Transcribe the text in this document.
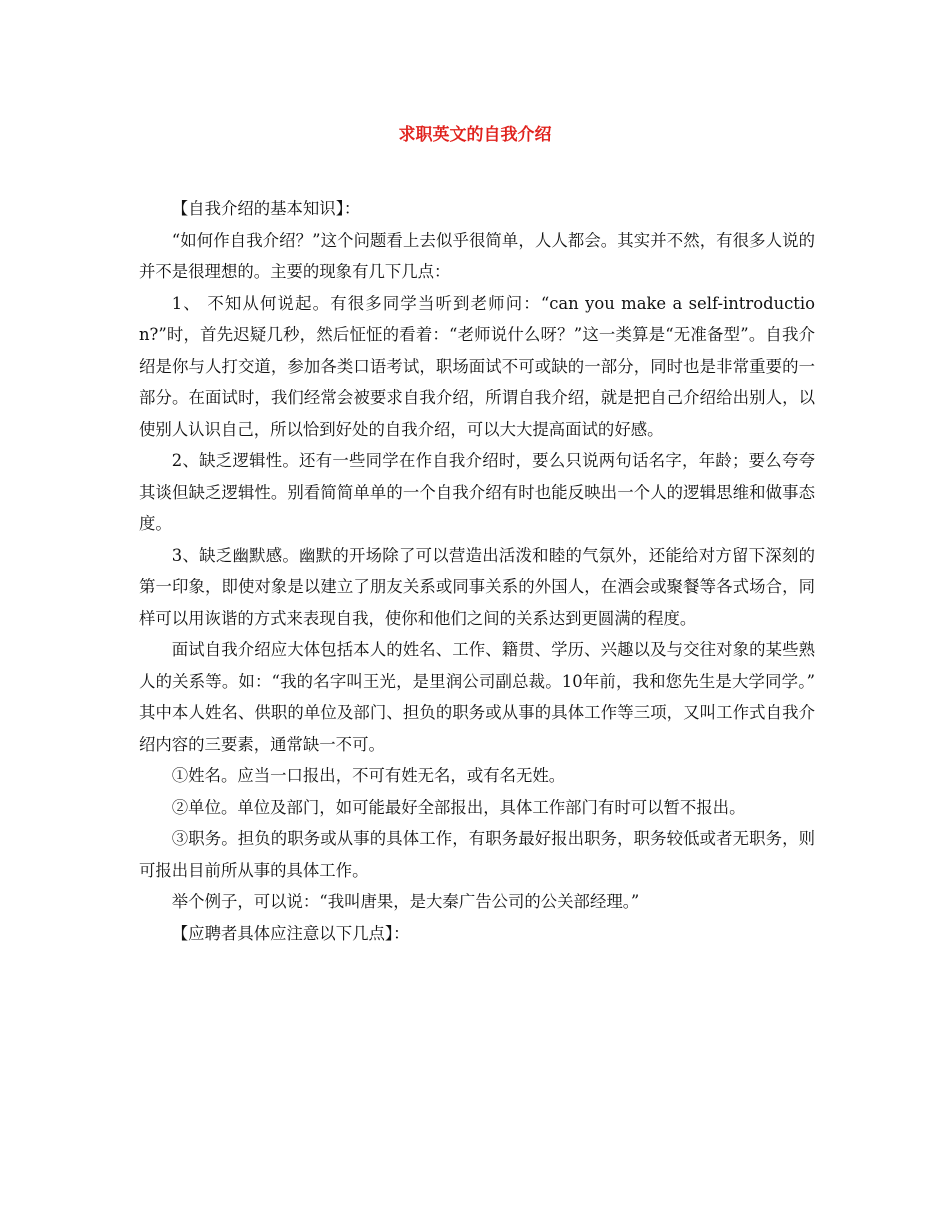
求职英文的自我介绍

【自我介绍的基本知识】：

“如何作自我介绍？”这个问题看上去似乎很简单，人人都会。其实并不然，有很多人说的并不是很理想的。主要的现象有几下几点：

1、 不知从何说起。有很多同学当听到老师问：“can you make a self-introduction?”时，首先迟疑几秒，然后怔怔的看着：“老师说什么呀？”这一类算是“无准备型”。自我介绍是你与人打交道，参加各类口语考试，职场面试不可或缺的一部分，同时也是非常重要的一部分。在面试时，我们经常会被要求自我介绍，所谓自我介绍，就是把自己介绍给出别人，以使别人认识自己，所以恰到好处的自我介绍，可以大大提高面试的好感。

2、缺乏逻辑性。还有一些同学在作自我介绍时，要么只说两句话名字，年龄；要么夸夸其谈但缺乏逻辑性。别看简简单单的一个自我介绍有时也能反映出一个人的逻辑思维和做事态度。

3、缺乏幽默感。幽默的开场除了可以营造出活泼和睦的气氛外，还能给对方留下深刻的第一印象，即使对象是以建立了朋友关系或同事关系的外国人，在酒会或聚餐等各式场合，同样可以用诙谐的方式来表现自我，使你和他们之间的关系达到更圆满的程度。

面试自我介绍应大体包括本人的姓名、工作、籍贯、学历、兴趣以及与交往对象的某些熟人的关系等。如：“我的名字叫王光，是里润公司副总裁。10年前，我和您先生是大学同学。” 其中本人姓名、供职的单位及部门、担负的职务或从事的具体工作等三项，又叫工作式自我介绍内容的三要素，通常缺一不可。

①姓名。应当一口报出，不可有姓无名，或有名无姓。

②单位。单位及部门，如可能最好全部报出，具体工作部门有时可以暂不报出。

③职务。担负的职务或从事的具体工作，有职务最好报出职务，职务较低或者无职务，则可报出目前所从事的具体工作。

举个例子，可以说：“我叫唐果，是大秦广告公司的公关部经理。”

【应聘者具体应注意以下几点】：
